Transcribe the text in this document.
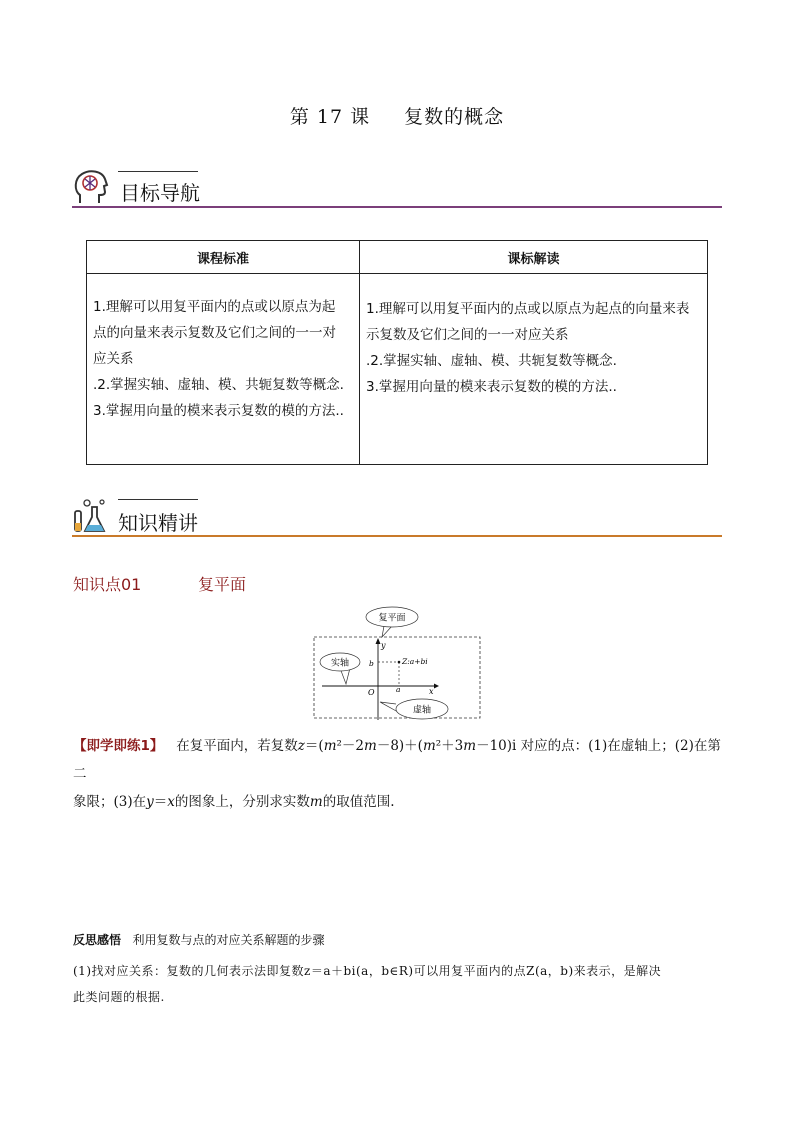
第 17 课 复数的概念
目标导航
课程标准	课标解读

1.理解可以用复平面内的点或以原点为起
点的向量来表示复数及它们之间的一一对
应关系
.2.掌握实轴、虚轴、模、共轭复数等概念.
3.掌握用向量的模来表示复数的模的方法..	1.理解可以用复平面内的点或以原点为起点的向量来表
示复数及它们之间的一一对应关系
.2.掌握实轴、虚轴、模、共轭复数等概念.
3.掌握用向量的模来表示复数的模的方法..
知识精讲
知识点01	复平面
y
x
O
b
a
Z:a+bi
复平面
实轴
虚轴
【即学即练1】 在复平面内，若复数z＝(m²－2m－8)＋(m²＋3m－10)i 对应的点：(1)在虚轴上；(2)在第二
象限；(3)在y＝x的图象上，分别求实数m的取值范围.
反思感悟 利用复数与点的对应关系解题的步骤
(1)找对应关系：复数的几何表示法即复数z＝a＋bi(a，b∈R)可以用复平面内的点Z(a，b)来表示，是解决
此类问题的根据.
